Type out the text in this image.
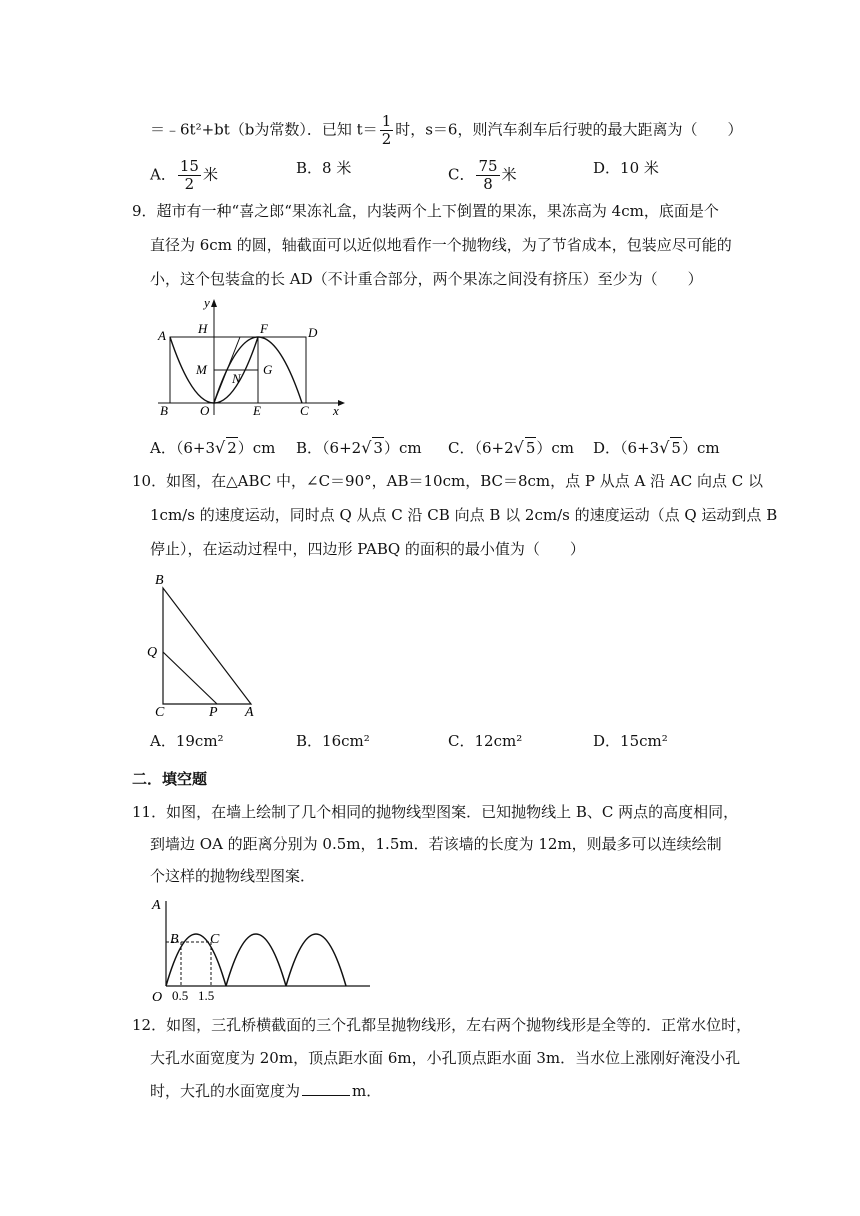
＝﹣6t²+bt（b为常数）．已知 $t= \frac{1}{2}$ 时，s＝6，则汽车刹车后行驶的最大距离为（　　）
A． $\frac{15}{2}$ 米	B．8 米	C． $\frac{75}{8}$ 米	D．10 米
9．超市有一种“喜之郎“果冻礼盒，内装两个上下倒置的果冻，果冻高为 4cm，底面是个
直径为 6cm 的圆，轴截面可以近似地看作一个抛物线，为了节省成本，包装应尽可能的
小，这个包装盒的长 AD（不计重合部分，两个果冻之间没有挤压）至少为（　　）
y
A H	F	D
M
N
G
B O	E	C x
A．（6+3√ 2）cm B．（6+2√ 3）cm C．（6+2√ 5）cm D．（6+3√ 5）cm
10．如图，在△ABC 中，∠C＝90°，AB＝10cm，BC＝8cm，点 P 从点 A 沿 AC 向点 C 以
1cm/s 的速度运动，同时点 Q 从点 C 沿 CB 向点 B 以 2cm/s 的速度运动（点 Q 运动到点 B
停止），在运动过程中，四边形 PABQ 的面积的最小值为（　　）
B
Q
C	P A
A．19cm²	B．16cm²	C．12cm²	D．15cm²
二．填空题
11．如图，在墙上绘制了几个相同的抛物线型图案．已知抛物线上 B、C 两点的高度相同，
到墙边 OA 的距离分别为 0.5m，1.5m．若该墙的长度为 12m，则最多可以连续绘制
个这样的抛物线型图案．
A
B C
O 0.5 1.5
12．如图，三孔桥横截面的三个孔都呈抛物线形，左右两个抛物线形是全等的．正常水位时，
大孔水面宽度为 20m，顶点距水面 6m，小孔顶点距水面 3m．当水位上涨刚好淹没小孔
时，大孔的水面宽度为	m．
